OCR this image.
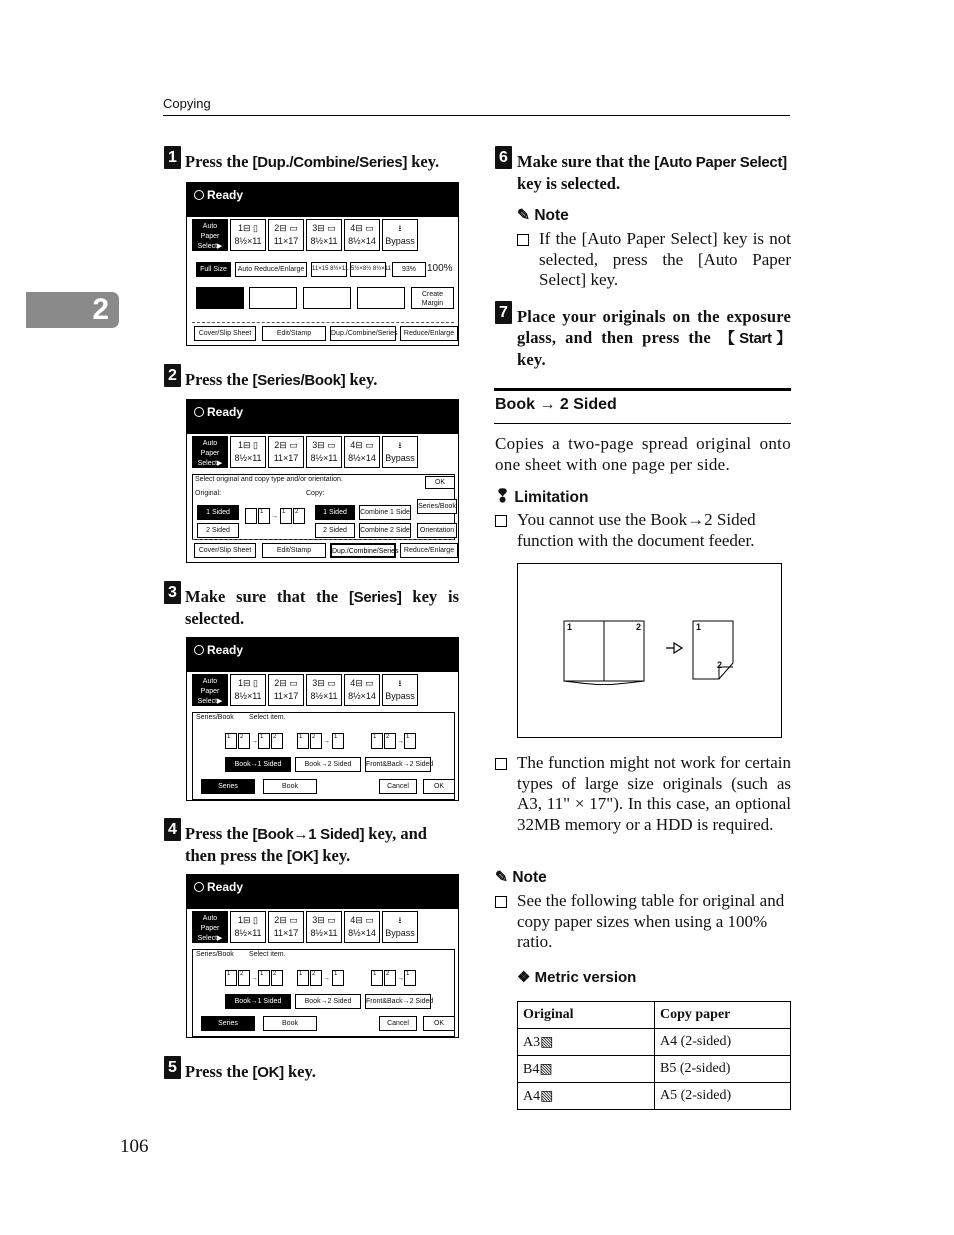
Copying
2
1 Press the [Dup./Combine/Series] key.
Ready
Auto Paper Select▶
1⊟ ▯
8½×11
2⊟ ▭
11×17
3⊟ ▭
8½×11
4⊟ ▭
8½×14
⭳
Bypass
Full Size	Auto Reduce/Enlarge	11×15 8½×11 5½×8½ 8½×11	93%	100%
Create Margin
Cover/Slip Sheet	Edit/Stamp	Dup./Combine/Series Reduce/Enlarge
2 Press the [Series/Book] key.
Ready
Auto Paper Select▶
1⊟ ▯
8½×11
2⊟ ▭
11×17
3⊟ ▭
8½×11
4⊟ ▭
8½×14
⭳
Bypass
Select original and copy type and/or orientation.	OK
Original:	Copy:
1 Sided
2 Sided
1→ 1 2	1 Sided	Combine 1 Side
2 Sided	Combine 2 Side
Series/Book
Orientation
Cover/Slip Sheet	Edit/Stamp	Dup./Combine/Series Reduce/Enlarge
3 Make sure that the [Series] key is selected.
Ready
Auto Paper Select▶
1⊟ ▯
8½×11
2⊟ ▭
11×17
3⊟ ▭
8½×11
4⊟ ▭
8½×14
⭳
Bypass
Series/Book Select item.
1 2→1 2	1 2→ 1	1 2→1
Book→1 Sided	Book→2 Sided	Front&Back→2 Sided
Series	Book	Cancel	OK
4 Press the [Book→1 Sided] key, and then press the [OK] key.
Ready
Auto Paper Select▶
1⊟ ▯
8½×11
2⊟ ▭
11×17
3⊟ ▭
8½×11
4⊟ ▭
8½×14
⭳
Bypass
Series/Book Select item.
1 2→1 2	1 2→ 1	1 2→1
Book→1 Sided	Book→2 Sided	Front&Back→2 Sided
Series	Book	Cancel	OK
5 Press the [OK] key.
6 Make sure that the [Auto Paper Select] key is selected.
✎ Note
If the [Auto Paper Select] key is not selected, press the [Auto Paper Select] key.
7 Place your originals on the exposure glass, and then press the 【Start】 key.
Book → 2 Sided
Copies a two-page spread original onto one sheet with one page per side.
❢ Limitation
You cannot use the Book→2 Sided function with the document feeder.
1	2	1
2
The function might not work for certain types of large size originals (such as A3, 11" × 17"). In this case, an optional 32MB memory or a HDD is required.
✎ Note
See the following table for original and copy paper sizes when using a 100% ratio.
❖ Metric version
Original	Copy paper
A3▧	A4 (2-sided)
B4▧	B5 (2-sided)
A4▧	A5 (2-sided)
106
